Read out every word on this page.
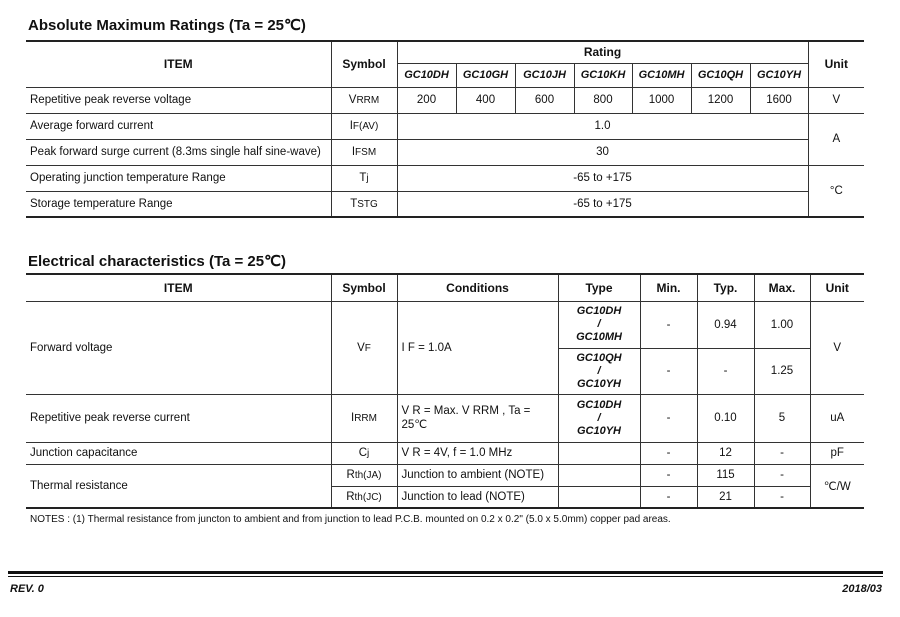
Absolute Maximum Ratings (Ta = 25℃)
ITEM	Symbol	Rating							Unit
		GC10DH	GC10GH	GC10JH	GC10KH	GC10MH	GC10QH	GC10YH	
Repetitive peak reverse voltage	VRRM	200	400	600	800	1000	1200	1600	V
Average forward current	IF(AV)	1.0							A
Peak forward surge current (8.3ms single half sine-wave)	IFSM	30							
Operating junction temperature Range	Tj	-65 to +175							°C
Storage temperature Range	TSTG	-65 to +175							
Electrical characteristics (Ta = 25℃)
ITEM	Symbol	Conditions	Type	Min.	Typ.	Max.	Unit
Forward voltage	VF	I F = 1.0A	GC10DH
/
GC10MH	-	0.94	1.00	V

			GC10QH
/
GC10YH	-	-	1.25	
Repetitive peak reverse current	IRRM	V R = Max. V RRM , Ta = 25℃	GC10DH
/
GC10YH	-	0.10	5	uA
Junction capacitance	Cj	V R = 4V, f = 1.0 MHz		-	12	-	pF
Thermal resistance	Rth(JA)	Junction to ambient (NOTE)		-	115	-	℃/W
	Rth(JC)	Junction to lead (NOTE)		-	21	-	
NOTES : (1) Thermal resistance from juncton to ambient and from junction to lead P.C.B. mounted on 0.2 x 0.2" (5.0 x 5.0mm) copper pad areas.
REV. 0	2018/03
